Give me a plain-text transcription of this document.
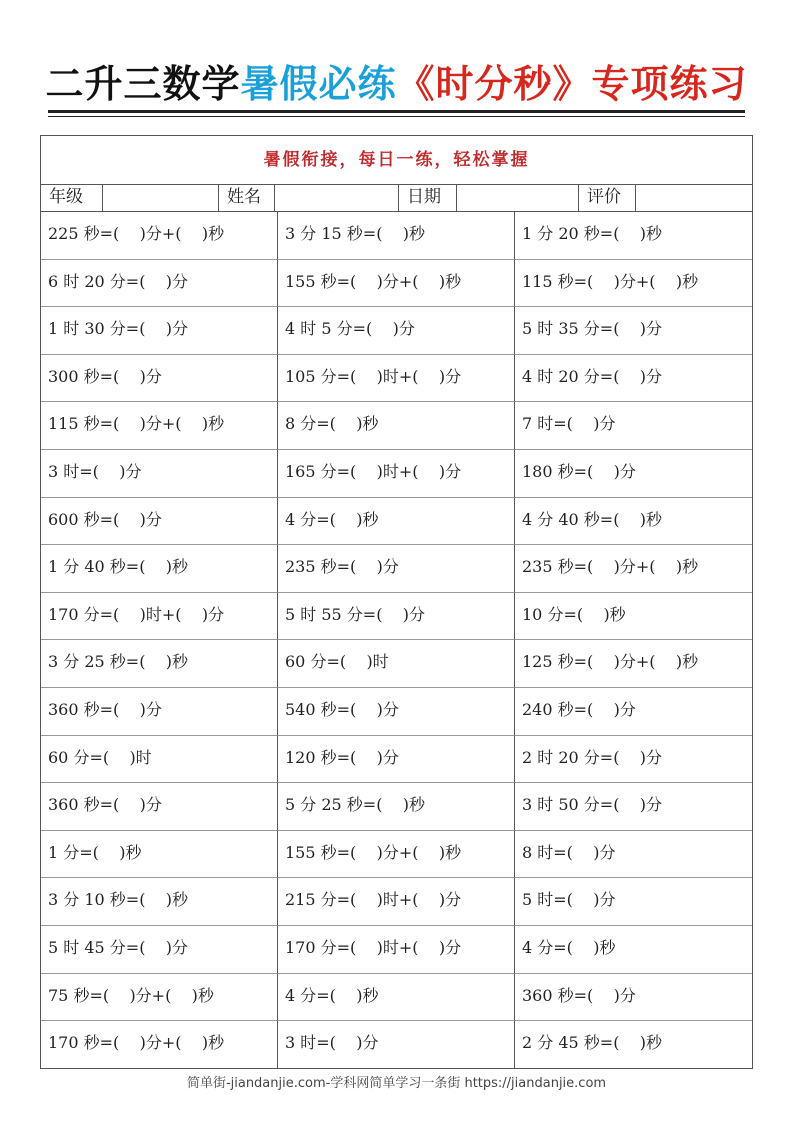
二升三数学暑假必练《时分秒》专项练习
暑假衔接，每日一练，轻松掌握
年级	姓名	日期	评价
225 秒=(    )分+(    )秒	3 分 15 秒=(    )秒	1 分 20 秒=(    )秒
6 时 20 分=(    )分	155 秒=(    )分+(    )秒	115 秒=(    )分+(    )秒
1 时 30 分=(    )分	4 时 5 分=(    )分	5 时 35 分=(    )分
300 秒=(    )分	105 分=(    )时+(    )分	4 时 20 分=(    )分
115 秒=(    )分+(    )秒	8 分=(    )秒	7 时=(    )分
3 时=(    )分	165 分=(    )时+(    )分	180 秒=(    )分
600 秒=(    )分	4 分=(    )秒	4 分 40 秒=(    )秒
1 分 40 秒=(    )秒	235 秒=(    )分	235 秒=(    )分+(    )秒
170 分=(    )时+(    )分	5 时 55 分=(    )分	10 分=(    )秒
3 分 25 秒=(    )秒	60 分=(    )时	125 秒=(    )分+(    )秒
360 秒=(    )分	540 秒=(    )分	240 秒=(    )分
60 分=(    )时	120 秒=(    )分	2 时 20 分=(    )分
360 秒=(    )分	5 分 25 秒=(    )秒	3 时 50 分=(    )分
1 分=(    )秒	155 秒=(    )分+(    )秒	8 时=(    )分
3 分 10 秒=(    )秒	215 分=(    )时+(    )分	5 时=(    )分
5 时 45 分=(    )分	170 分=(    )时+(    )分	4 分=(    )秒
75 秒=(    )分+(    )秒	4 分=(    )秒	360 秒=(    )分
170 秒=(    )分+(    )秒	3 时=(    )分	2 分 45 秒=(    )秒
简单街-jiandanjie.com-学科网简单学习一条街 https://jiandanjie.com
